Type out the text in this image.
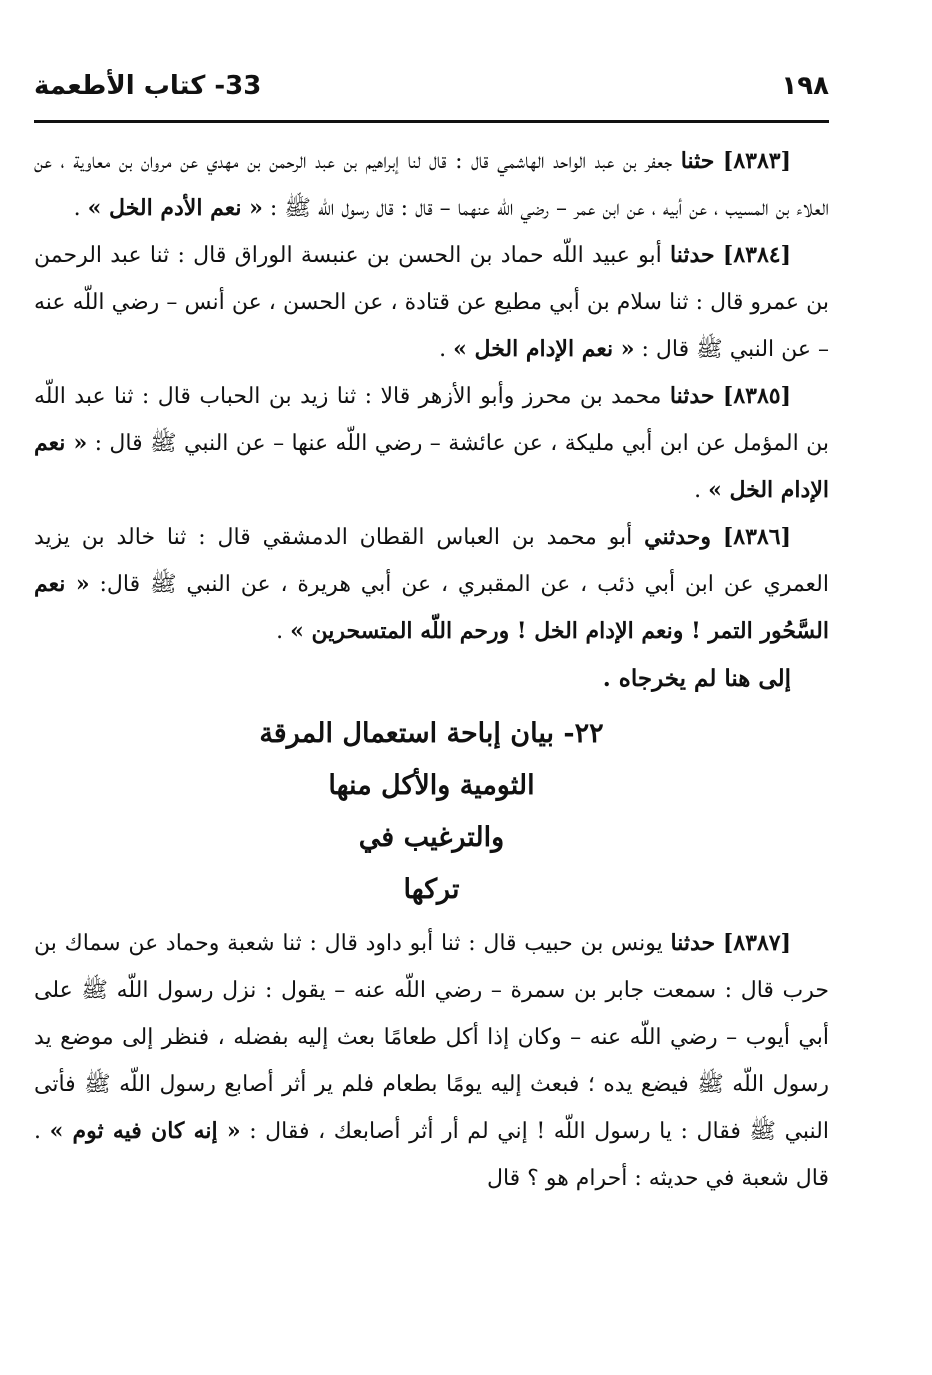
33- كتاب الأطعمة	١٩٨

[٨٣٨٣] حثنا جعفر بن عبد الواحد الهاشمي قال : قال لنا إبراهيم بن عبد الرحمن بن مهدي عن مروان بن معاوية ، عن العلاء بن المسيب ، عن أبيه ، عن ابن عمر – رضي اللّه عنهما – قال : قال رسول اللّه ﷺ : « نعم الأدم الخل » .

[٨٣٨٤] حدثنا أبو عبيد اللّه حماد بن الحسن بن عنبسة الوراق قال : ثنا عبد الرحمن بن عمرو قال : ثنا سلام بن أبي مطيع عن قتادة ، عن الحسن ، عن أنس – رضي اللّه عنه – عن النبي ﷺ قال : « نعم الإدام الخل » .

[٨٣٨٥] حدثنا محمد بن محرز وأبو الأزهر قالا : ثنا زيد بن الحباب قال : ثنا عبد اللّه بن المؤمل عن ابن أبي مليكة ، عن عائشة – رضي اللّه عنها – عن النبي ﷺ قال : « نعم الإدام الخل » .

[٨٣٨٦] وحدثني أبو محمد بن العباس القطان الدمشقي قال : ثنا خالد بن يزيد العمري عن ابن أبي ذئب ، عن المقبري ، عن أبي هريرة ، عن النبي ﷺ قال: « نعم السَّحُور التمر ! ونعم الإدام الخل ! ورحم اللّه المتسحرين » .

إلى هنا لم يخرجاه .

٢٢- بيان إباحة استعمال المرقة
الثومية والأكل منها
والترغيب في
تركها

[٨٣٨٧] حدثنا يونس بن حبيب قال : ثنا أبو داود قال : ثنا شعبة وحماد عن سماك بن حرب قال : سمعت جابر بن سمرة – رضي اللّه عنه – يقول : نزل رسول اللّه ﷺ على أبي أيوب – رضي اللّه عنه – وكان إذا أكل طعامًا بعث إليه بفضله ، فنظر إلى موضع يد رسول اللّه ﷺ فيضع يده ؛ فبعث إليه يومًا بطعام فلم ير أثر أصابع رسول اللّه ﷺ فأتى النبي ﷺ فقال : يا رسول اللّه ! إني لم أر أثر أصابعك ، فقال : « إنه كان فيه ثوم » . قال شعبة في حديثه : أحرام هو ؟ قال
